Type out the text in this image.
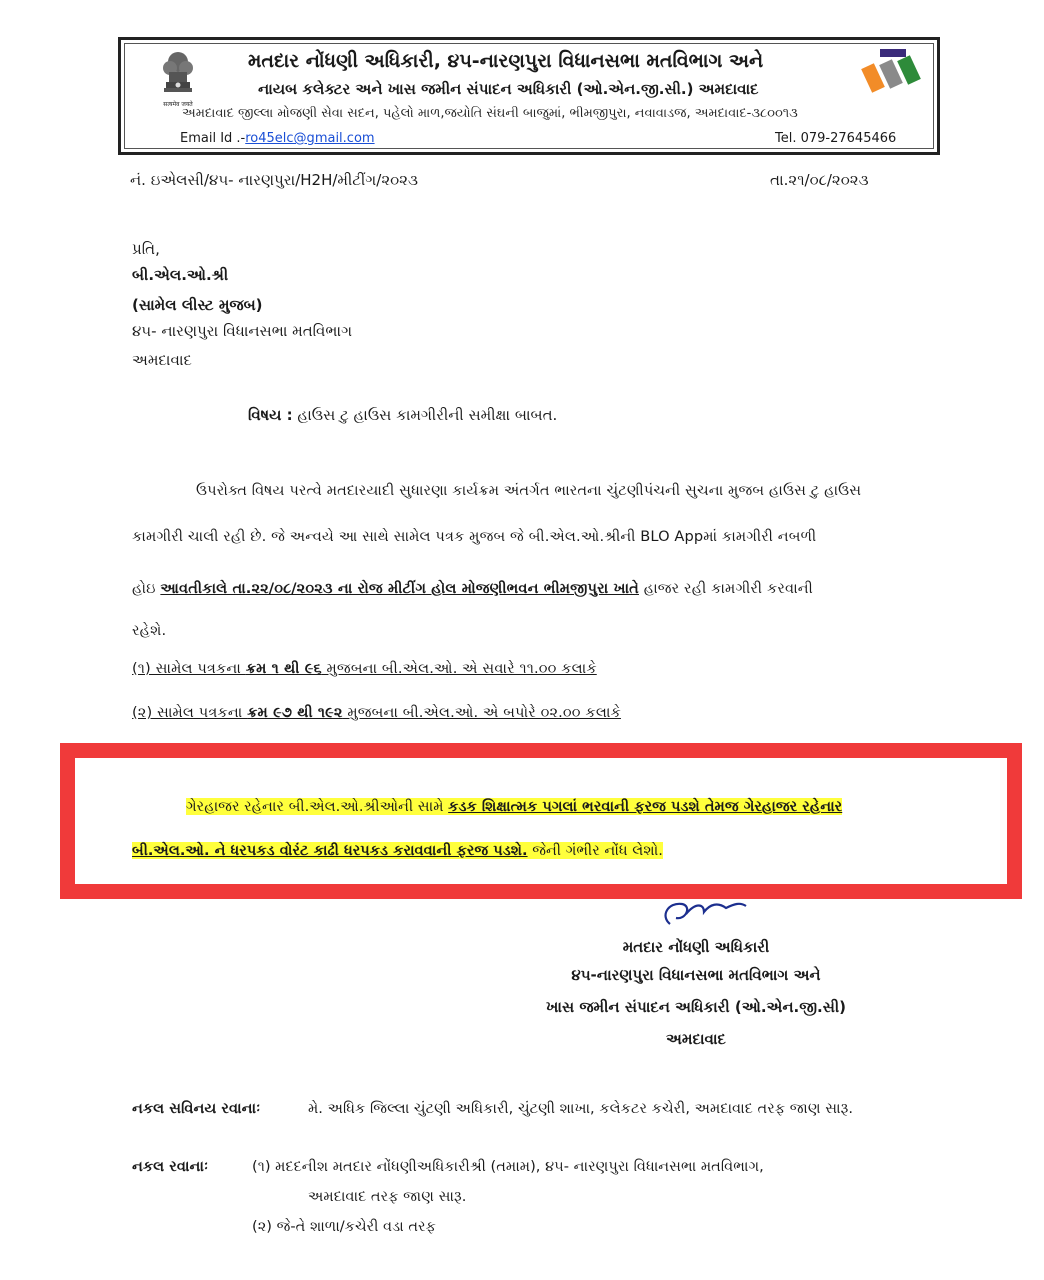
सत्यमेव जयते
મતદાર નોંધણી અધિકારી, ૪૫-નારણપુરા વિધાનસભા મતવિભાગ અને
નાયબ કલેક્ટર અને ખાસ જમીન સંપાદન અધિકારી (ઓ.એન.જી.સી.) અમદાવાદ
અમદાવાદ જીલ્લા મોજણી સેવા સદન, પહેલો માળ,જયોતિ સંઘની બાજુમાં, ભીમજીપુરા, નવાવાડજ, અમદાવાદ-૩૮૦૦૧૩
Email Id .-ro45elc@gmail.com	Tel. 079-27645466
નં. ઇએલસી/૪૫- નારણપુરા/H2H/મીટીંગ/૨૦૨૩	તા.૨૧/૦૮/૨૦૨૩
પ્રતિ,
બી.એલ.ઓ.શ્રી
(સામેલ લીસ્ટ મુજબ)
૪૫- નારણપુરા વિધાનસભા મતવિભાગ
અમદાવાદ
વિષય : હાઉસ ટુ હાઉસ કામગીરીની સમીક્ષા બાબત.
ઉપરોક્ત વિષય પરત્વે મતદારયાદી સુધારણા કાર્યક્રમ અંતર્ગત ભારતના ચુંટણીપંચની સુચના મુજબ હાઉસ ટુ હાઉસ
કામગીરી ચાલી રહી છે. જે અન્વયે આ સાથે સામેલ પત્રક મુજબ જે બી.એલ.ઓ.શ્રીની BLO Appમાં કામગીરી નબળી
હોઇ આવતીકાલે તા.૨૨/૦૮/૨૦૨૩ ના રોજ મીટીંગ હોલ મોજણીભવન ભીમજીપુરા ખાતે હાજર રહી કામગીરી કરવાની
રહેશે.
(૧) સામેલ પત્રકના ક્રમ ૧ થી ૯૬ મુજબના બી.એલ.ઓ. એ સવારે ૧૧.૦૦ કલાકે
(૨) સામેલ પત્રકના ક્રમ ૯૭ થી ૧૯૨ મુજબના બી.એલ.ઓ. એ બપોરે ૦૨.૦૦ કલાકે
ગેરહાજર રહેનાર બી.એલ.ઓ.શ્રીઓની સામે કડક શિક્ષાત્મક પગલાં ભરવાની ફરજ પડશે તેમજ ગેરહાજર રહેનાર
બી.એલ.ઓ. ને ધરપકડ વોરંટ કાઢી ધરપકડ કરાવવાની ફરજ પડશે. જેની ગંભીર નોંધ લેશો.
મતદાર નોંધણી અધિકારી
૪૫-નારણપુરા વિધાનસભા મતવિભાગ અને
ખાસ જમીન સંપાદન અધિકારી (ઓ.એન.જી.સી)
અમદાવાદ
નકલ સવિનય રવાનાઃ	મે. અધિક જિલ્લા ચુંટણી અધિકારી, ચુંટણી શાખા, કલેકટર કચેરી, અમદાવાદ તરફ જાણ સારૂ.
નકલ રવાનાઃ	(૧) મદદનીશ મતદાર નોંધણીઅધિકારીશ્રી (તમામ), ૪૫- નારણપુરા વિધાનસભા મતવિભાગ,
અમદાવાદ તરફ જાણ સારૂ.
(૨) જે-તે શાળા/કચેરી વડા તરફ
